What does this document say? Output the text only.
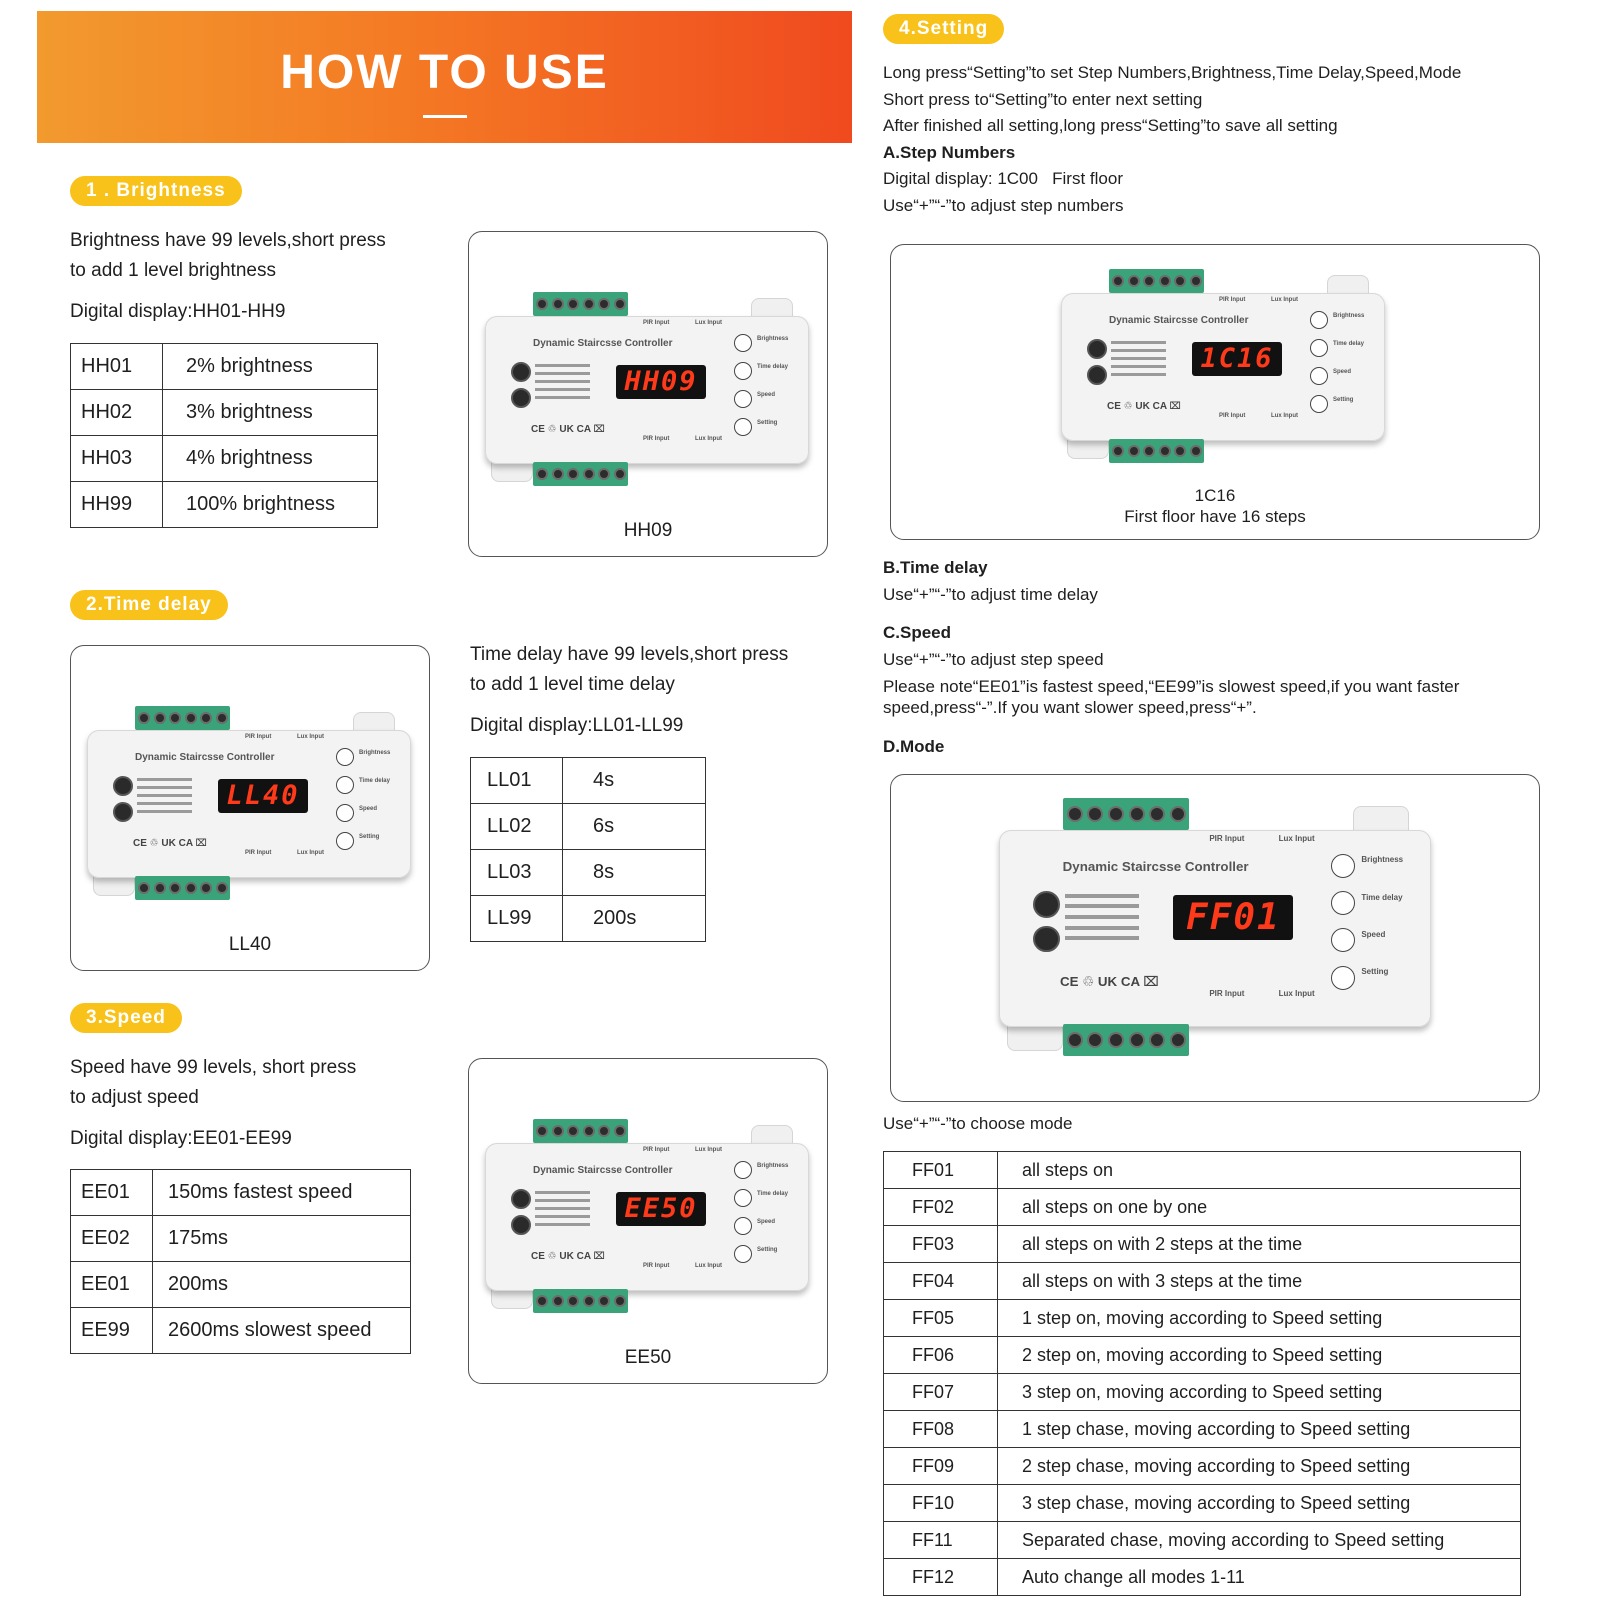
HOW TO USE
1 . Brightness
Brightness have 99 levels,short press
to add 1 level brightness
Digital display:HH01-HH9
HH01	2% brightness
HH02	3% brightness
HH03	4% brightness
HH99	100% brightness
Dynamic Staircsse Controller
HH09
Brightness
Time delay
Speed
Setting
PIR Input	Lux Input
PIR Input	Lux Input
CE ♲ UK CA ⌧
HH09
2.Time delay
Dynamic Staircsse Controller
LL40
Brightness
Time delay
Speed
Setting
PIR Input	Lux Input
PIR Input	Lux Input
CE ♲ UK CA ⌧
LL40
Time delay have 99 levels,short press
to add 1 level time delay
Digital display:LL01-LL99
LL01	4s
LL02	6s
LL03	8s
LL99	200s
3.Speed
Speed have 99 levels, short press
to adjust speed
Digital display:EE01-EE99
EE01	150ms fastest speed
EE02	175ms
EE01	200ms
EE99	2600ms slowest speed
Dynamic Staircsse Controller
EE50
Brightness
Time delay
Speed
Setting
PIR Input	Lux Input
PIR Input	Lux Input
CE ♲ UK CA ⌧
EE50
4.Setting
Long press“Setting”to set Step Numbers,Brightness,Time Delay,Speed,Mode
Short press to“Setting”to enter next setting
After finished all setting,long press“Setting”to save all setting
A.Step Numbers
Digital display: 1C00   First floor
Use“+”“-”to adjust step numbers
Dynamic Staircsse Controller
1C16
Brightness
Time delay
Speed
Setting
PIR Input	Lux Input
PIR Input	Lux Input
CE ♲ UK CA ⌧
1C16
First floor have 16 steps
B.Time delay
Use“+”“-”to adjust time delay
C.Speed
Use“+”“-”to adjust step speed
Please note“EE01”is fastest speed,“EE99”is slowest speed,if you want faster
speed,press“-”.If you want slower speed,press“+”.
D.Mode
Dynamic Staircsse Controller
FF01
Brightness
Time delay
Speed
Setting
PIR Input	Lux Input
PIR Input	Lux Input
CE ♲ UK CA ⌧
Use“+”“-”to choose mode
FF01	all steps on
FF02	all steps on one by one
FF03	all steps on with 2 steps at the time
FF04	all steps on with 3 steps at the time
FF05	1 step on, moving according to Speed setting
FF06	2 step on, moving according to Speed setting
FF07	3 step on, moving according to Speed setting
FF08	1 step chase, moving according to Speed setting
FF09	2 step chase, moving according to Speed setting
FF10	3 step chase, moving according to Speed setting
FF11	Separated chase, moving according to Speed setting
FF12	Auto change all modes 1-11
